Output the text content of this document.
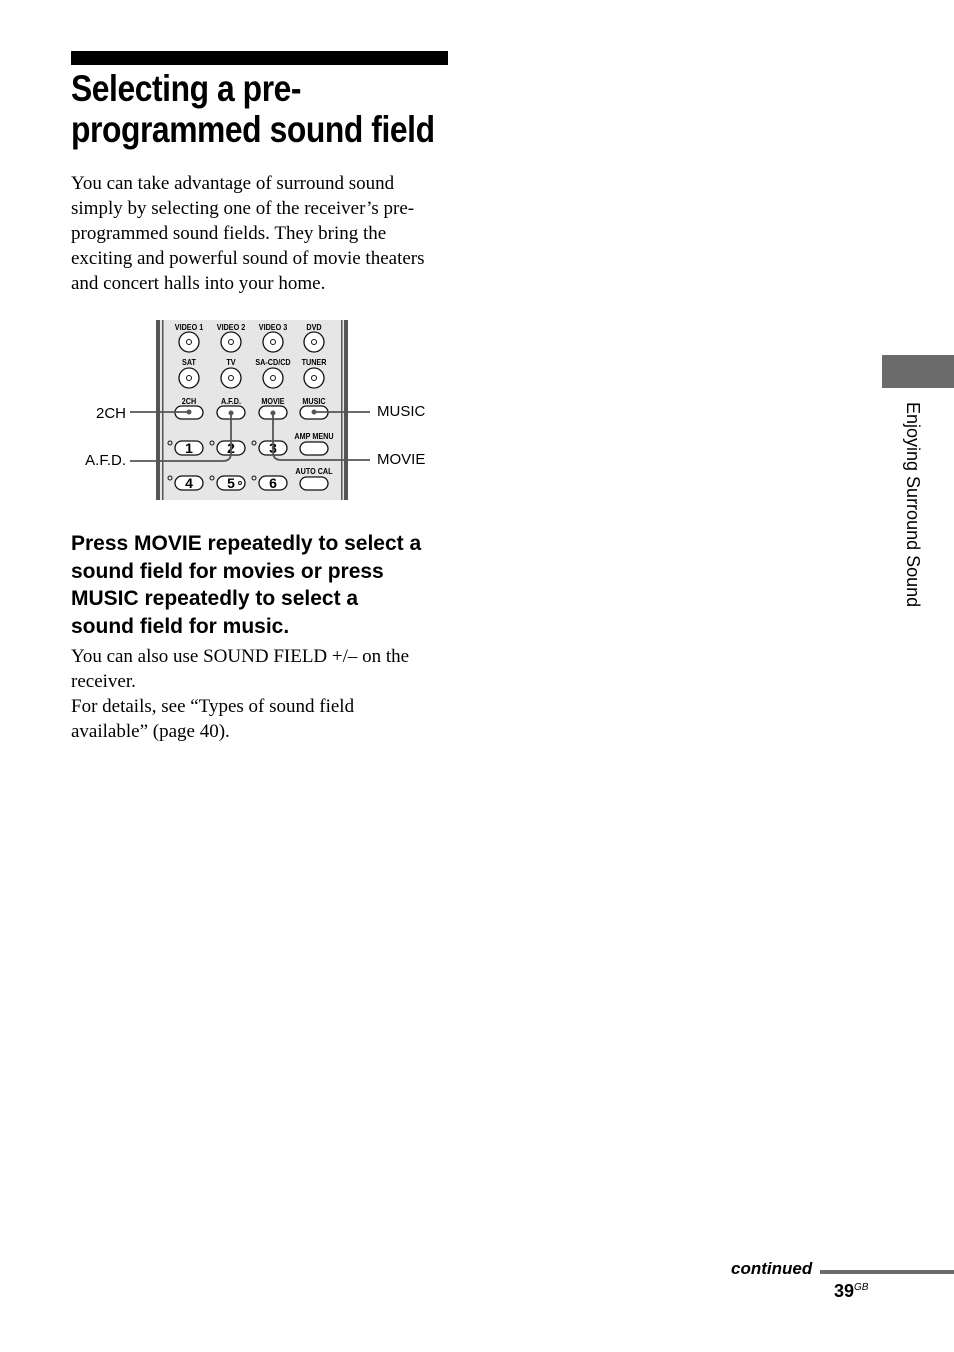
Selecting a pre-
programmed sound field

You can take advantage of surround sound
simply by selecting one of the receiver’s pre-
programmed sound fields. They bring the
exciting and powerful sound of movie theaters
and concert halls into your home.

VIDEO 1 VIDEO 2 VIDEO 3 DVD
SAT	TV SA-CD/CD TUNER
2CH	A.F.D. MOVIE MUSIC
AMP MENU
1 2 3
AUTO CAL
4 5 6
2CH
A.F.D.
MUSIC
MOVIE
Press MOVIE repeatedly to select a
sound field for movies or press
MUSIC repeatedly to select a
sound field for music.

You can also use SOUND FIELD +/– on the
receiver.

For details, see “Types of sound field
available” (page 40).

Enjoying Surround Sound
continued
$39^{GB}$
